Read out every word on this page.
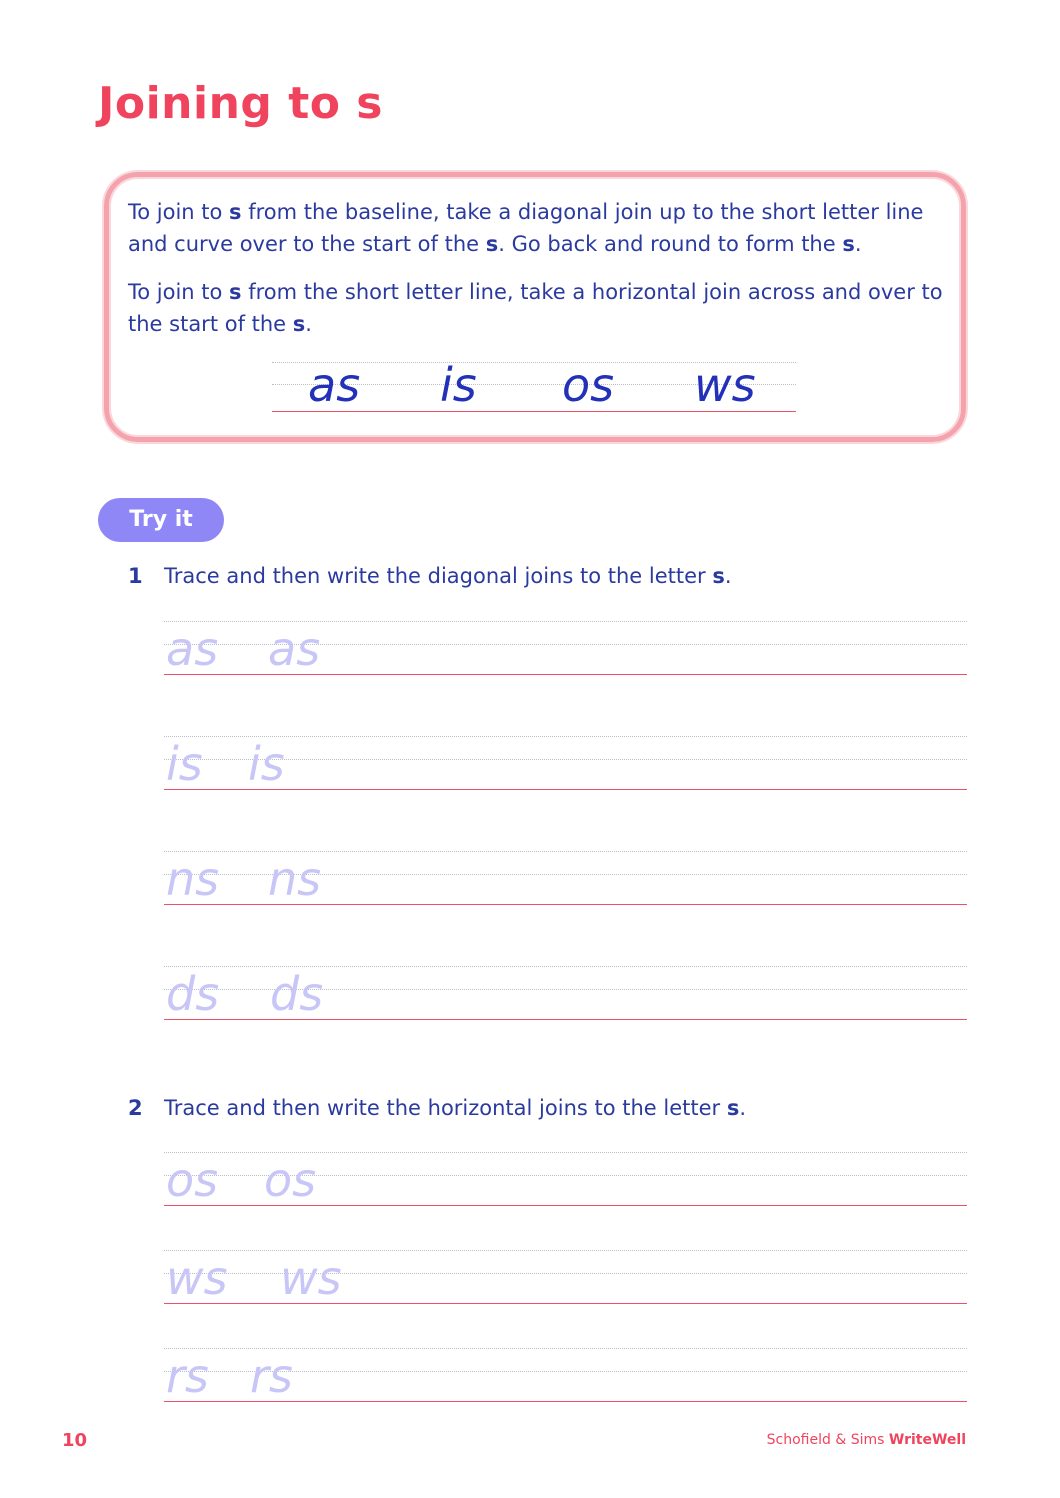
Joining to s

To join to s from the baseline, take a diagonal join up to the short letter line and curve over to the start of the s. Go back and round to form the s.

To join to s from the short letter line, take a horizontal join across and over to the start of the s.

as is os ws
Try it
1 Trace and then write the diagonal joins to the letter s.
as as
is is
ns ns
ds ds
2 Trace and then write the horizontal joins to the letter s.
os os
ws ws
rs rs
10	Schofield & Sims WriteWell
